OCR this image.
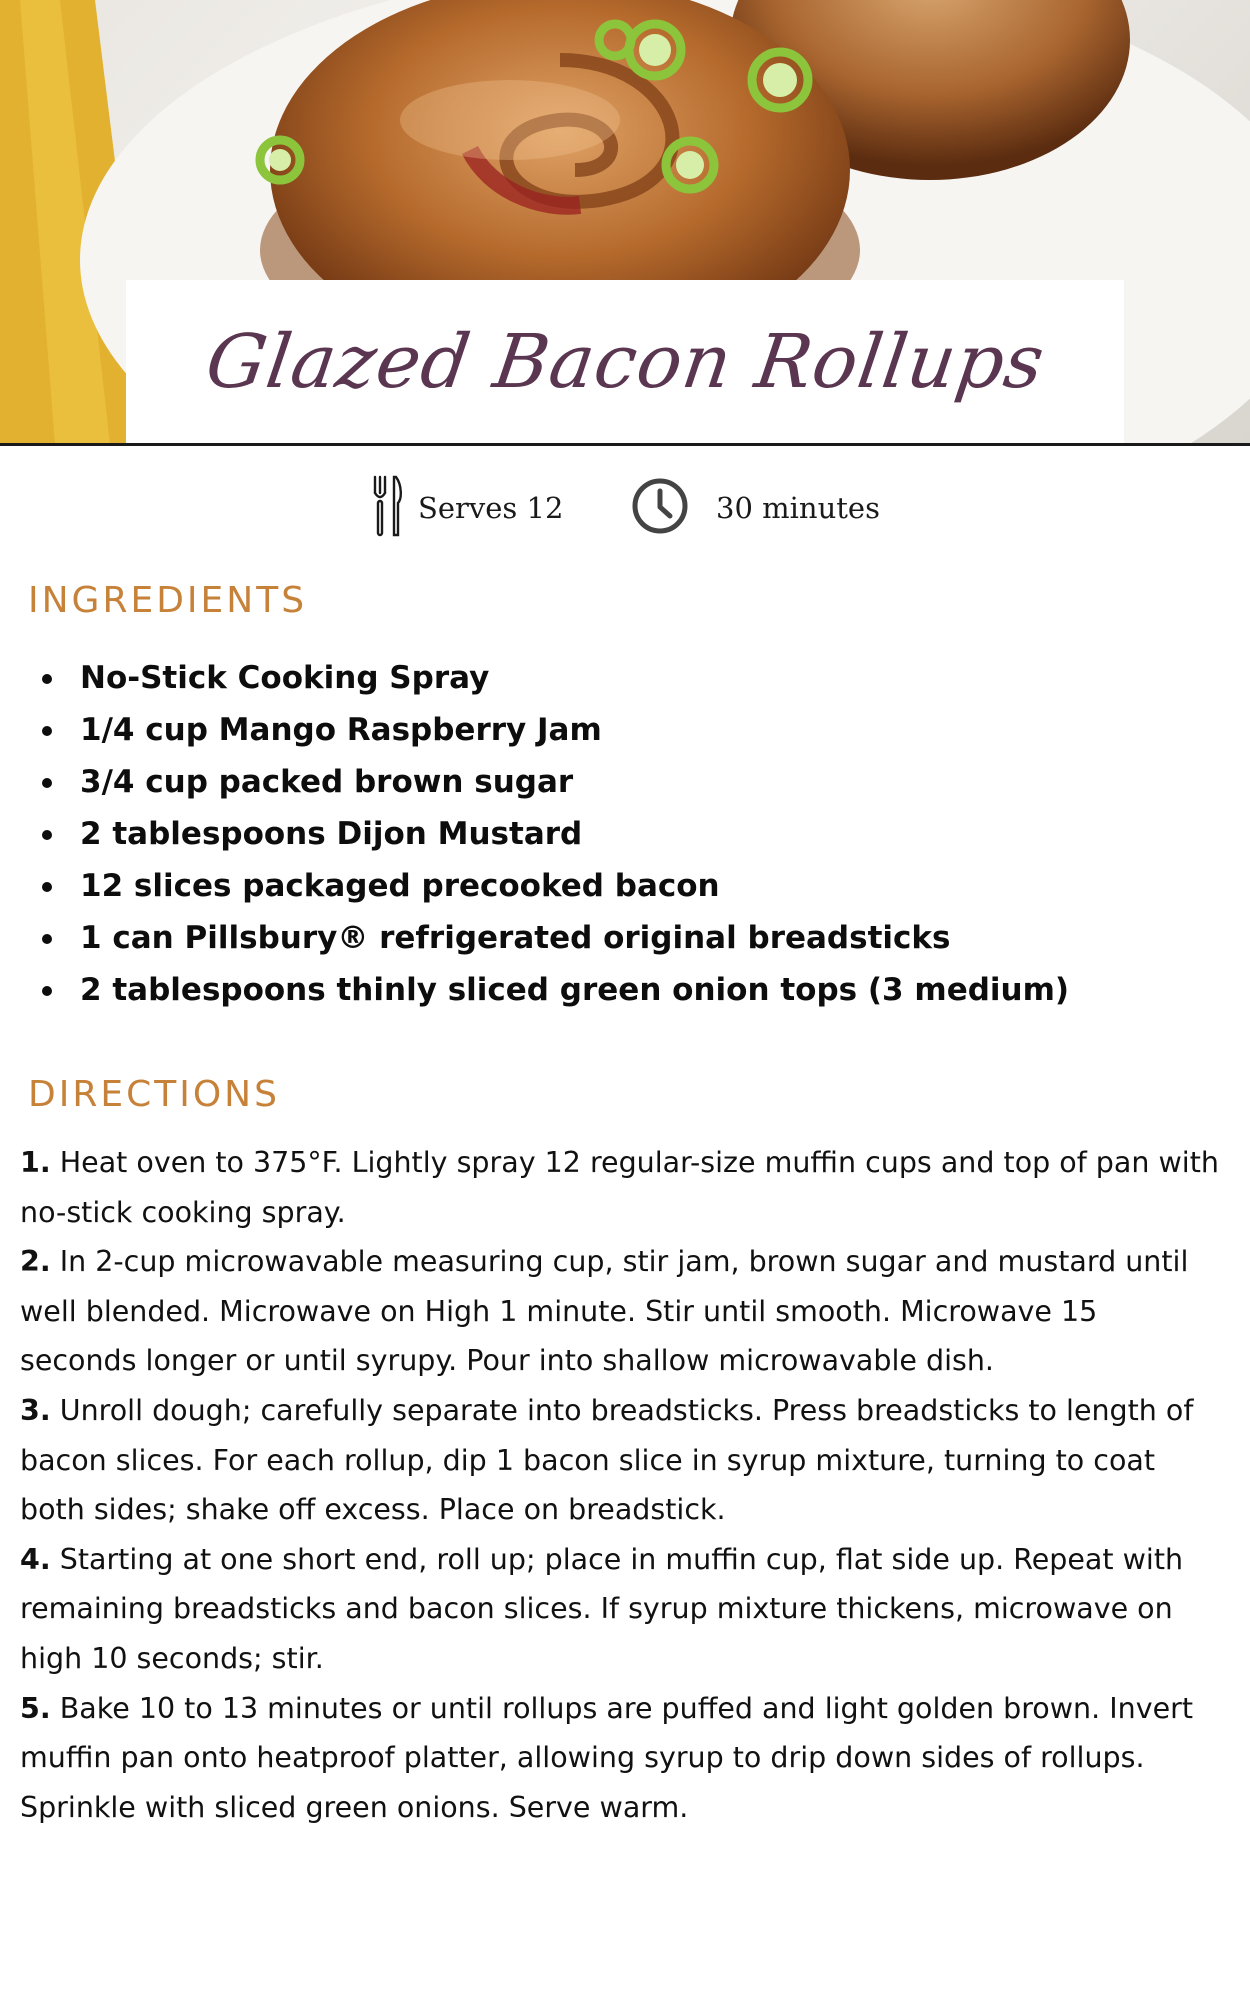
Glazed Bacon Rollups
Serves 12	30 minutes
INGREDIENTS
No-Stick Cooking Spray
1/4 cup Mango Raspberry Jam
3/4 cup packed brown sugar
2 tablespoons Dijon Mustard
12 slices packaged precooked bacon
1 can Pillsbury® refrigerated original breadsticks
2 tablespoons thinly sliced green onion tops (3 medium)
DIRECTIONS

1. Heat oven to 375°F. Lightly spray 12 regular-size muffin cups and top of pan with no-stick cooking spray.

2. In 2-cup microwavable measuring cup, stir jam, brown sugar and mustard until well blended. Microwave on High 1 minute. Stir until smooth. Microwave 15 seconds longer or until syrupy. Pour into shallow microwavable dish.

3. Unroll dough; carefully separate into breadsticks. Press breadsticks to length of bacon slices. For each rollup, dip 1 bacon slice in syrup mixture, turning to coat both sides; shake off excess. Place on breadstick.

4. Starting at one short end, roll up; place in muffin cup, flat side up. Repeat with remaining breadsticks and bacon slices. If syrup mixture thickens, microwave on high 10 seconds; stir.

5. Bake 10 to 13 minutes or until rollups are puffed and light golden brown. Invert muffin pan onto heatproof platter, allowing syrup to drip down sides of rollups. Sprinkle with sliced green onions. Serve warm.
